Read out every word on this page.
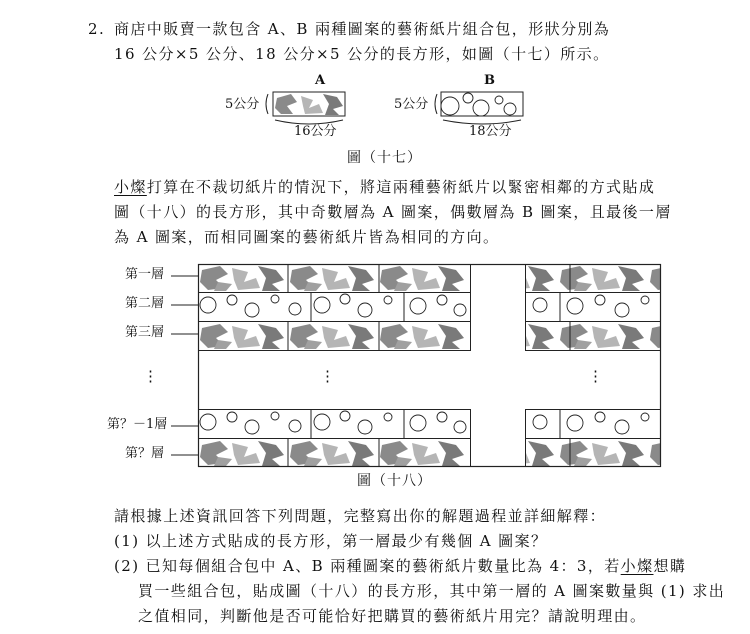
2. 商店中販賣一款包含 A、B 兩種圖案的藝術紙片組合包，形狀分別為
16 公分×5 公分、18 公分×5 公分的長方形，如圖（十七）所示。
A	B
5公分
16公分
5公分
18公分
圖（十七）
小燦打算在不裁切紙片的情況下，將這兩種藝術紙片以緊密相鄰的方式貼成
圖（十八）的長方形，其中奇數層為 A 圖案，偶數層為 B 圖案，且最後一層
為 A 圖案，而相同圖案的藝術紙片皆為相同的方向。
第一層
第二層
第三層
⋮
第？－1層
第？層
⋮	⋮
圖（十八）
請根據上述資訊回答下列問題，完整寫出你的解題過程並詳細解釋：
(1) 以上述方式貼成的長方形，第一層最少有幾個 A 圖案？
(2) 已知每個組合包中 A、B 兩種圖案的藝術紙片數量比為 4：3，若小燦想購
買一些組合包，貼成圖（十八）的長方形，其中第一層的 A 圖案數量與 (1) 求出
之值相同，判斷他是否可能恰好把購買的藝術紙片用完？請說明理由。
